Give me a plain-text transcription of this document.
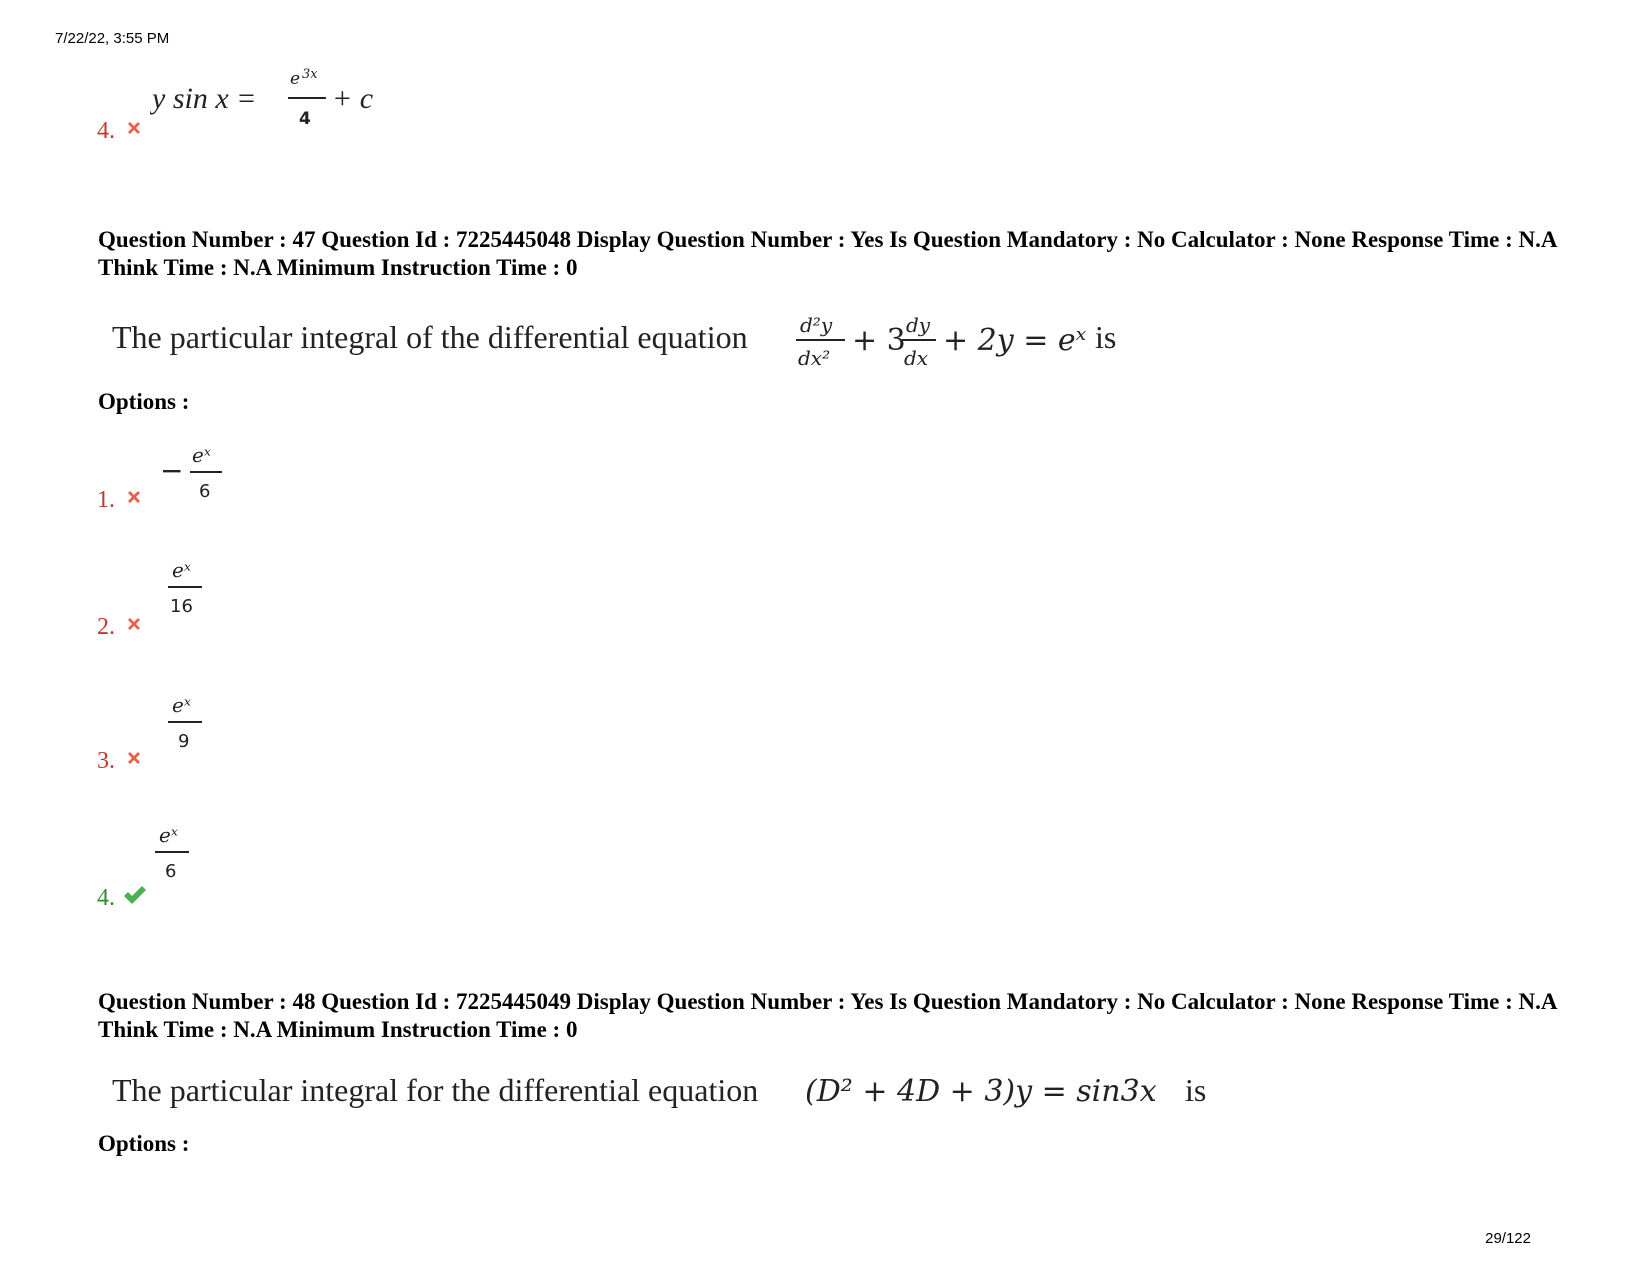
7/22/22, 3:55 PM
4.
y sin x =
e 3x
4
+ c
Question Number : 47 Question Id : 7225445048 Display Question Number : Yes Is Question Mandatory : No Calculator : None Response Time : N.A Think Time : N.A Minimum Instruction Time : 0
The particular integral of the differential equation	d²y
dx² + 3 dy
dx + 2y = eˣ is
Options :
1.
− eˣ
6
2.
eˣ
16
3.
eˣ
9
4.
eˣ
6
Question Number : 48 Question Id : 7225445049 Display Question Number : Yes Is Question Mandatory : No Calculator : None Response Time : N.A Think Time : N.A Minimum Instruction Time : 0
The particular integral for the differential equation (D² + 4D + 3)y = sin3x is
Options :
29/122
